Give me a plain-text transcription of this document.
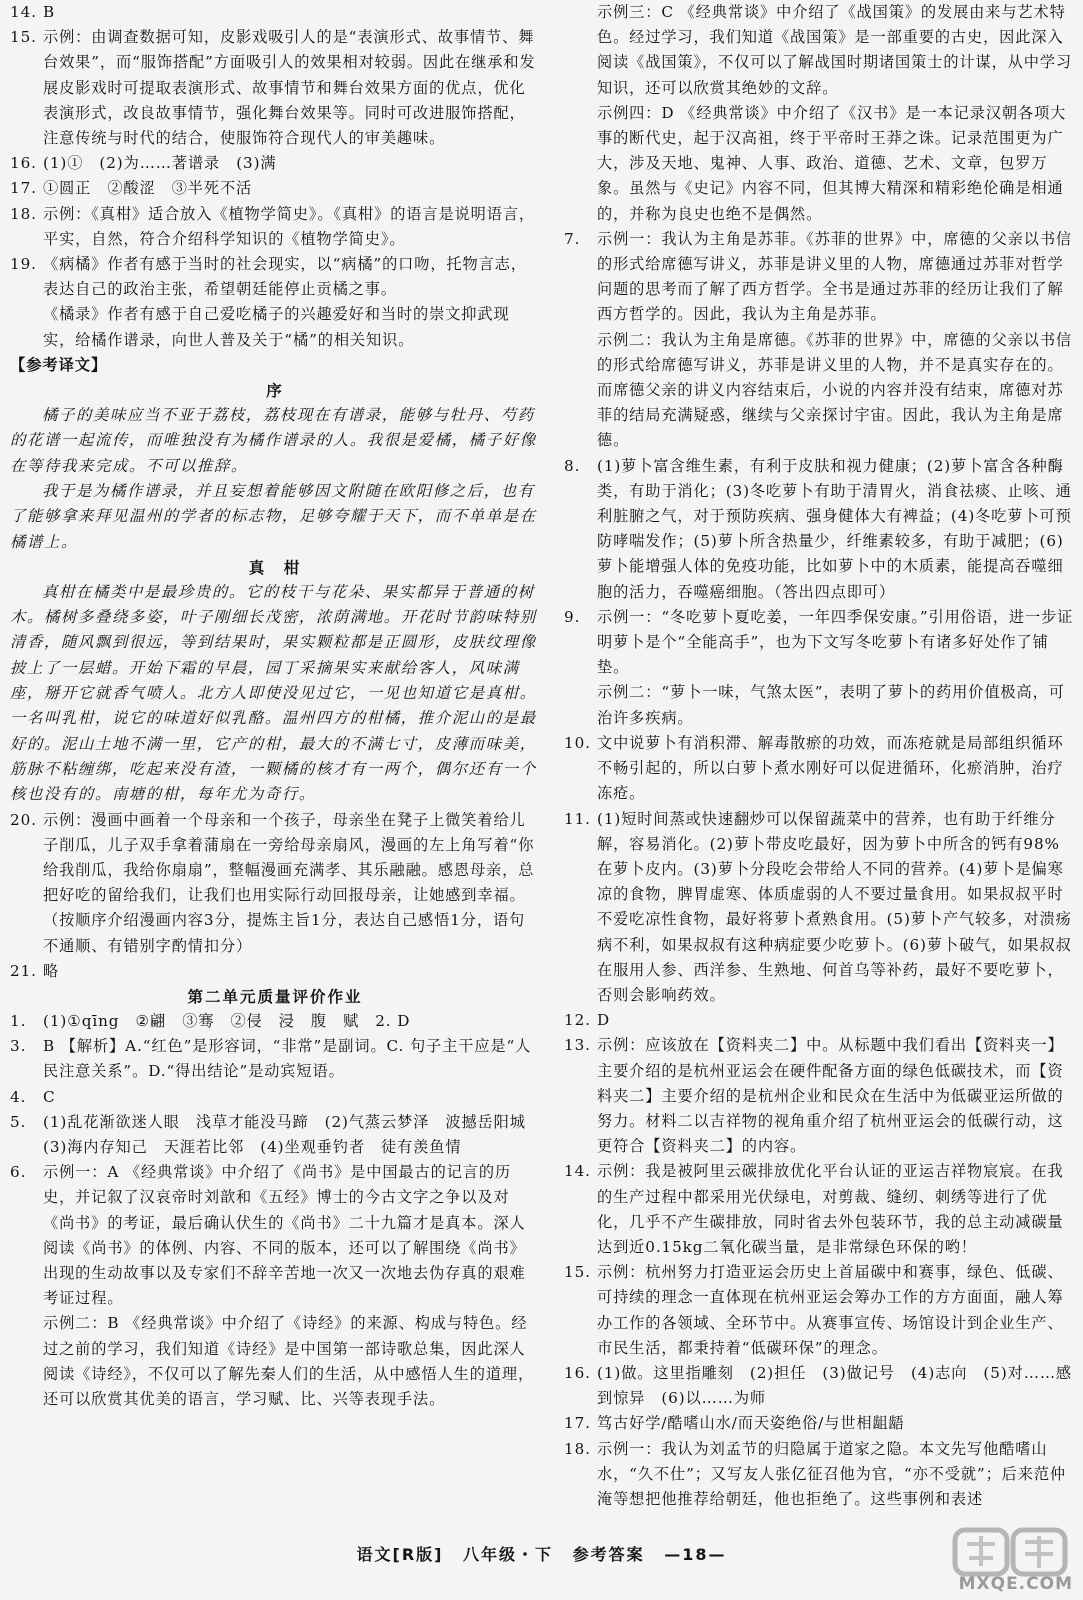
14. B
15. 示例：由调查数据可知，皮影戏吸引人的是“表演形式、故事情节、舞台效果”，而“服饰搭配”方面吸引人的效果相对较弱。因此在继承和发展皮影戏时可提取表演形式、故事情节和舞台效果方面的优点，优化表演形式，改良故事情节，强化舞台效果等。同时可改进服饰搭配，注意传统与时代的结合，使服饰符合现代人的审美趣味。
16. (1)①　(2)为……著谱录　(3)满
17. ①圆正　②酸涩　③半死不活
18. 示例：《真柑》适合放入《植物学简史》。《真柑》的语言是说明语言，平实，自然，符合介绍科学知识的《植物学简史》。
19. 《病橘》作者有感于当时的社会现实，以“病橘”的口吻，托物言志，表达自己的政治主张，希望朝廷能停止贡橘之事。
《橘录》作者有感于自己爱吃橘子的兴趣爱好和当时的崇文抑武现实，给橘作谱录，向世人普及关于“橘”的相关知识。
【参考译文】
序
橘子的美味应当不亚于荔枝，荔枝现在有谱录，能够与牡丹、芍药的花谱一起流传，而唯独没有为橘作谱录的人。我很是爱橘，橘子好像在等待我来完成。不可以推辞。
我于是为橘作谱录，并且妄想着能够因文附随在欧阳修之后，也有了能够拿来拜见温州的学者的标志物，足够夸耀于天下，而不单单是在橘谱上。
真　柑
真柑在橘类中是最珍贵的。它的枝干与花朵、果实都异于普通的树木。橘树多叠绕多姿，叶子刚细长茂密，浓荫满地。开花时节韵味特别清香，随风飘到很远，等到结果时，果实颗粒都是正圆形，皮肤纹理像披上了一层蜡。开始下霜的早晨，园丁采摘果实来献给客人，风味满座，掰开它就香气喷人。北方人即使没见过它，一见也知道它是真柑。一名叫乳柑，说它的味道好似乳酪。温州四方的柑橘，推介泥山的是最好的。泥山土地不满一里，它产的柑，最大的不满七寸，皮薄而味美，筋脉不粘缠绑，吃起来没有渣，一颗橘的核才有一两个，偶尔还有一个核也没有的。南塘的柑，每年尤为奇行。
20. 示例：漫画中画着一个母亲和一个孩子，母亲坐在凳子上微笑着给儿子削瓜，儿子双手拿着蒲扇在一旁给母亲扇风，漫画的左上角写着“你给我削瓜，我给你扇扇”，整幅漫画充满孝、其乐融融。感恩母亲，总把好吃的留给我们，让我们也用实际行动回报母亲，让她感到幸福。（按顺序介绍漫画内容3分，提炼主旨1分，表达自己感悟1分，语句不通顺、有错别字酌情扣分）
21. 略
第二单元质量评价作业
1. (1)①qīng　②翩　③骞　②侵　浸　腹　赋　2. D
3. B 【解析】A.“红色”是形容词，“非常”是副词。C. 句子主干应是“人民注意关系”。D.“得出结论”是动宾短语。
4. C
5. (1)乱花渐欲迷人眼　浅草才能没马蹄　(2)气蒸云梦泽　波撼岳阳城　(3)海内存知己　天涯若比邻　(4)坐观垂钓者　徒有羡鱼情
6. 示例一：A 《经典常谈》中介绍了《尚书》是中国最古的记言的历史，并记叙了汉哀帝时刘歆和《五经》博士的今古文字之争以及对《尚书》的考证，最后确认伏生的《尚书》二十九篇才是真本。深人阅读《尚书》的体例、内容、不同的版本，还可以了解围绕《尚书》出现的生动故事以及专家们不辞辛苦地一次又一次地去伪存真的艰难考证过程。
示例二：B 《经典常谈》中介绍了《诗经》的来源、构成与特色。经过之前的学习，我们知道《诗经》是中国第一部诗歌总集，因此深人阅读《诗经》，不仅可以了解先秦人们的生活，从中感悟人生的道理，还可以欣赏其优美的语言，学习赋、比、兴等表现手法。
示例三：C 《经典常谈》中介绍了《战国策》的发展由来与艺术特色。经过学习，我们知道《战国策》是一部重要的古史，因此深入阅读《战国策》，不仅可以了解战国时期诸国策士的计谋，从中学习知识，还可以欣赏其绝妙的文辞。
示例四：D 《经典常谈》中介绍了《汉书》是一本记录汉朝各项大事的断代史，起于汉高祖，终于平帝时王莽之诛。记录范围更为广大，涉及天地、鬼神、人事、政治、道德、艺术、文章，包罗万象。虽然与《史记》内容不同，但其博大精深和精彩绝伦确是相通的，并称为良史也绝不是偶然。
7. 示例一：我认为主角是苏菲。《苏菲的世界》中，席德的父亲以书信的形式给席德写讲义，苏菲是讲义里的人物，席德通过苏菲对哲学问题的思考而了解了西方哲学。全书是通过苏菲的经历让我们了解西方哲学的。因此，我认为主角是苏菲。
示例二：我认为主角是席德。《苏菲的世界》中，席德的父亲以书信的形式给席德写讲义，苏菲是讲义里的人物，并不是真实存在的。而席德父亲的讲义内容结束后，小说的内容并没有结束，席德对苏菲的结局充满疑惑，继续与父亲探讨宇宙。因此，我认为主角是席德。
8. (1)萝卜富含维生素，有利于皮肤和视力健康；(2)萝卜富含各种酶类，有助于消化；(3)冬吃萝卜有助于清胃火，消食祛痰、止咳、通利脏腑之气，对于预防疾病、强身健体大有裨益；(4)冬吃萝卜可预防哮喘发作；(5)萝卜所含热量少，纤维素较多，有助于减肥；(6)萝卜能增强人体的免疫功能，比如萝卜中的木质素，能提高吞噬细胞的活力，吞噬癌细胞。（答出四点即可）
9. 示例一：“冬吃萝卜夏吃姜，一年四季保安康。”引用俗语，进一步证明萝卜是个“全能高手”，也为下文写冬吃萝卜有诸多好处作了铺垫。
示例二：“萝卜一味，气煞太医”，表明了萝卜的药用价值极高，可治许多疾病。
10. 文中说萝卜有消积滞、解毒散瘀的功效，而冻疮就是局部组织循环不畅引起的，所以白萝卜煮水刚好可以促进循环，化瘀消肿，治疗冻疮。
11. (1)短时间蒸或快速翻炒可以保留蔬菜中的营养，也有助于纤维分解，容易消化。(2)萝卜带皮吃最好，因为萝卜中所含的钙有98%在萝卜皮内。(3)萝卜分段吃会带给人不同的营养。(4)萝卜是偏寒凉的食物，脾胃虚寒、体质虚弱的人不要过量食用。如果叔叔平时不爱吃凉性食物，最好将萝卜煮熟食用。(5)萝卜产气较多，对溃疡病不利，如果叔叔有这种病症要少吃萝卜。(6)萝卜破气，如果叔叔在服用人参、西洋参、生熟地、何首乌等补药，最好不要吃萝卜，否则会影响药效。
12. D
13. 示例：应该放在【资料夹二】中。从标题中我们看出【资料夹一】主要介绍的是杭州亚运会在硬件配备方面的绿色低碳技术，而【资料夹二】主要介绍的是杭州企业和民众在生活中为低碳亚运所做的努力。材料二以吉祥物的视角重介绍了杭州亚运会的低碳行动，这更符合【资料夹二】的内容。
14. 示例：我是被阿里云碳排放优化平台认证的亚运吉祥物宸宸。在我的生产过程中都采用光伏绿电，对剪裁、缝纫、刺绣等进行了优化，几乎不产生碳排放，同时省去外包装环节，我的总主动减碳量达到近0.15kg二氧化碳当量，是非常绿色环保的哟！
15. 示例：杭州努力打造亚运会历史上首届碳中和赛事，绿色、低碳、可持续的理念一直体现在杭州亚运会筹办工作的方方面面，融人筹办工作的各领域、全环节中。从赛事宣传、场馆设计到企业生产、市民生活，都秉持着“低碳环保”的理念。
16. (1)做。这里指雕刻　(2)担任　(3)做记号　(4)志向　(5)对……感到惊异　(6)以……为师
17. 笃古好学/酷嗜山水/而天姿绝俗/与世相龃龉
18. 示例一：我认为刘孟节的归隐属于道家之隐。本文先写他酷嗜山水，“久不仕”；又写友人张亿征召他为官，“亦不受就”；后来范仲淹等想把他推荐给朝廷，他也拒绝了。这些事例和表述
语文[R版] 八年级・下 参考答案 —18—
MXQE.COM
